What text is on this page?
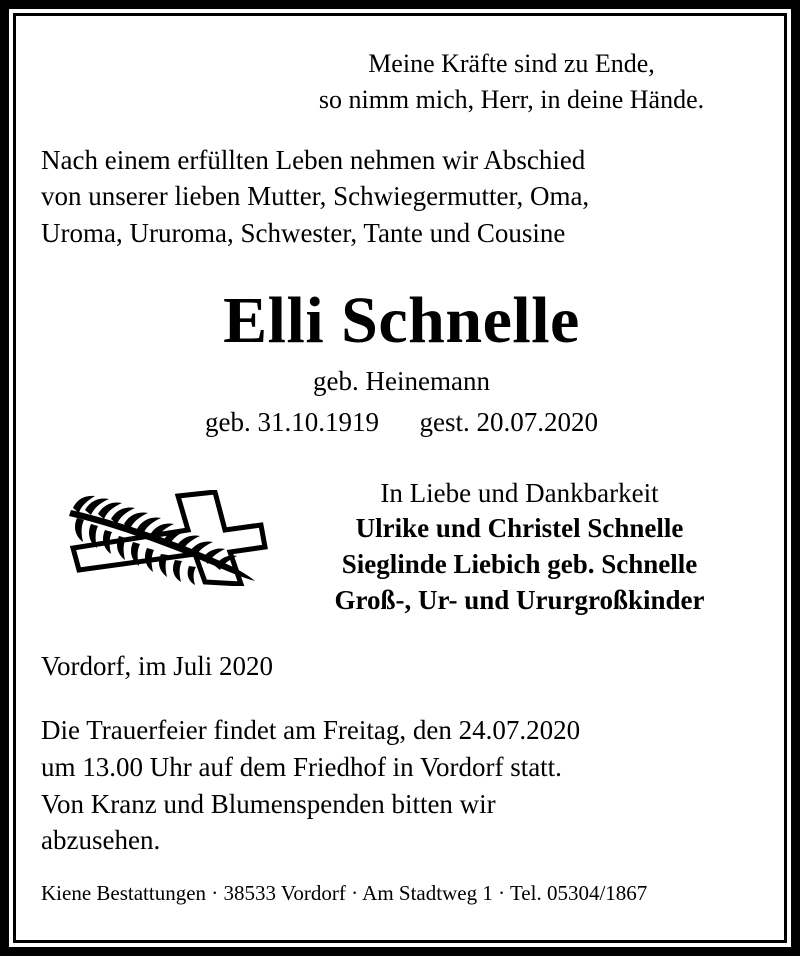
Meine Kräfte sind zu Ende,
so nimm mich, Herr, in deine Hände.
Nach einem erfüllten Leben nehmen wir Abschied
von unserer lieben Mutter, Schwiegermutter, Oma,
Uroma, Ururoma, Schwester, Tante und Cousine
Elli Schnelle
geb. Heinemann
geb. 31.10.1919      gest. 20.07.2020
In Liebe und Dankbarkeit
Ulrike und Christel Schnelle
Sieglinde Liebich geb. Schnelle
Groß-, Ur- und Ururgroßkinder
Vordorf, im Juli 2020
Die Trauerfeier findet am Freitag, den 24.07.2020
um 13.00 Uhr auf dem Friedhof in Vordorf statt.
Von Kranz und Blumenspenden bitten wir
abzusehen.
Kiene Bestattungen · 38533 Vordorf · Am Stadtweg 1 · Tel. 05304/1867
